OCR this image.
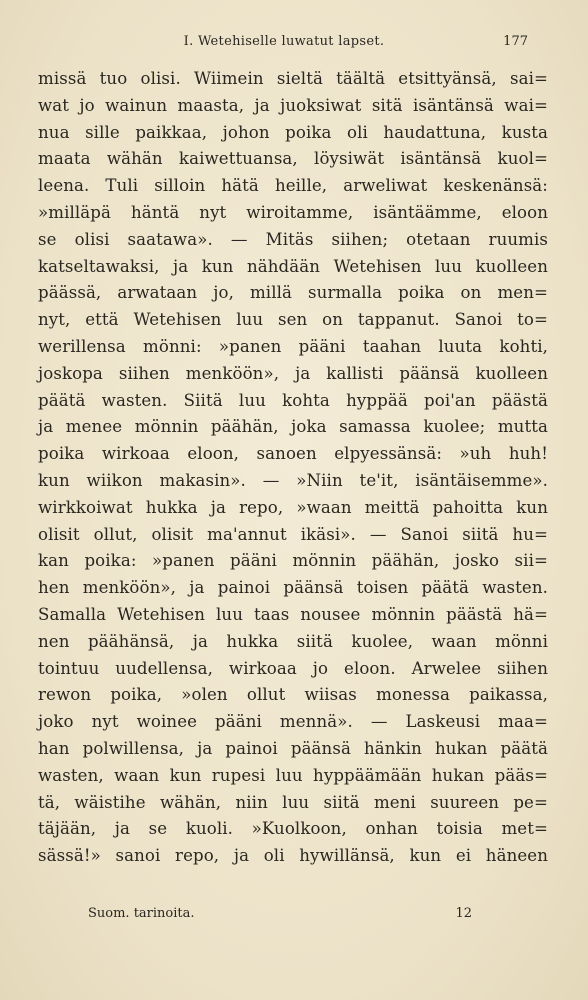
I. Wetehiselle luwatut lapset.	177
missä tuo olisi. Wiimein sieltä täältä etsittyänsä, sai=
wat jo wainun maasta, ja juoksiwat sitä isäntänsä wai=
nua sille paikkaa, johon poika oli haudattuna, kusta
maata wähän kaiwettuansa, löysiwät isäntänsä kuol=
leena. Tuli silloin hätä heille, arweliwat keskenänsä:
»milläpä häntä nyt wiroitamme, isäntäämme, eloon
se olisi saatawa». — Mitäs siihen; otetaan ruumis
katseltawaksi, ja kun nähdään Wetehisen luu kuolleen
päässä, arwataan jo, millä surmalla poika on men=
nyt, että Wetehisen luu sen on tappanut. Sanoi to=
werillensa mönni: »panen pääni taahan luuta kohti,
joskopa siihen menköön», ja kallisti päänsä kuolleen
päätä wasten. Siitä luu kohta hyppää poi'an päästä
ja menee mönnin päähän, joka samassa kuolee; mutta
poika wirkoaa eloon, sanoen elpyessänsä: »uh huh!
kun wiikon makasin». — »Niin te'it, isäntäisemme».
wirkkoiwat hukka ja repo, »waan meittä pahoitta kun
olisit ollut, olisit ma'annut ikäsi». — Sanoi siitä hu=
kan poika: »panen pääni mönnin päähän, josko sii=
hen menköön», ja painoi päänsä toisen päätä wasten.
Samalla Wetehisen luu taas nousee mönnin päästä hä=
nen päähänsä, ja hukka siitä kuolee, waan mönni
tointuu uudellensa, wirkoaa jo eloon. Arwelee siihen
rewon poika, »olen ollut wiisas monessa paikassa,
joko nyt woinee pääni mennä». — Laskeusi maa=
han polwillensa, ja painoi päänsä hänkin hukan päätä
wasten, waan kun rupesi luu hyppäämään hukan pääs=
tä, wäistihe wähän, niin luu siitä meni suureen pe=
täjään, ja se kuoli. »Kuolkoon, onhan toisia met=
sässä!» sanoi repo, ja oli hywillänsä, kun ei häneen
Suom. tarinoita.	12
